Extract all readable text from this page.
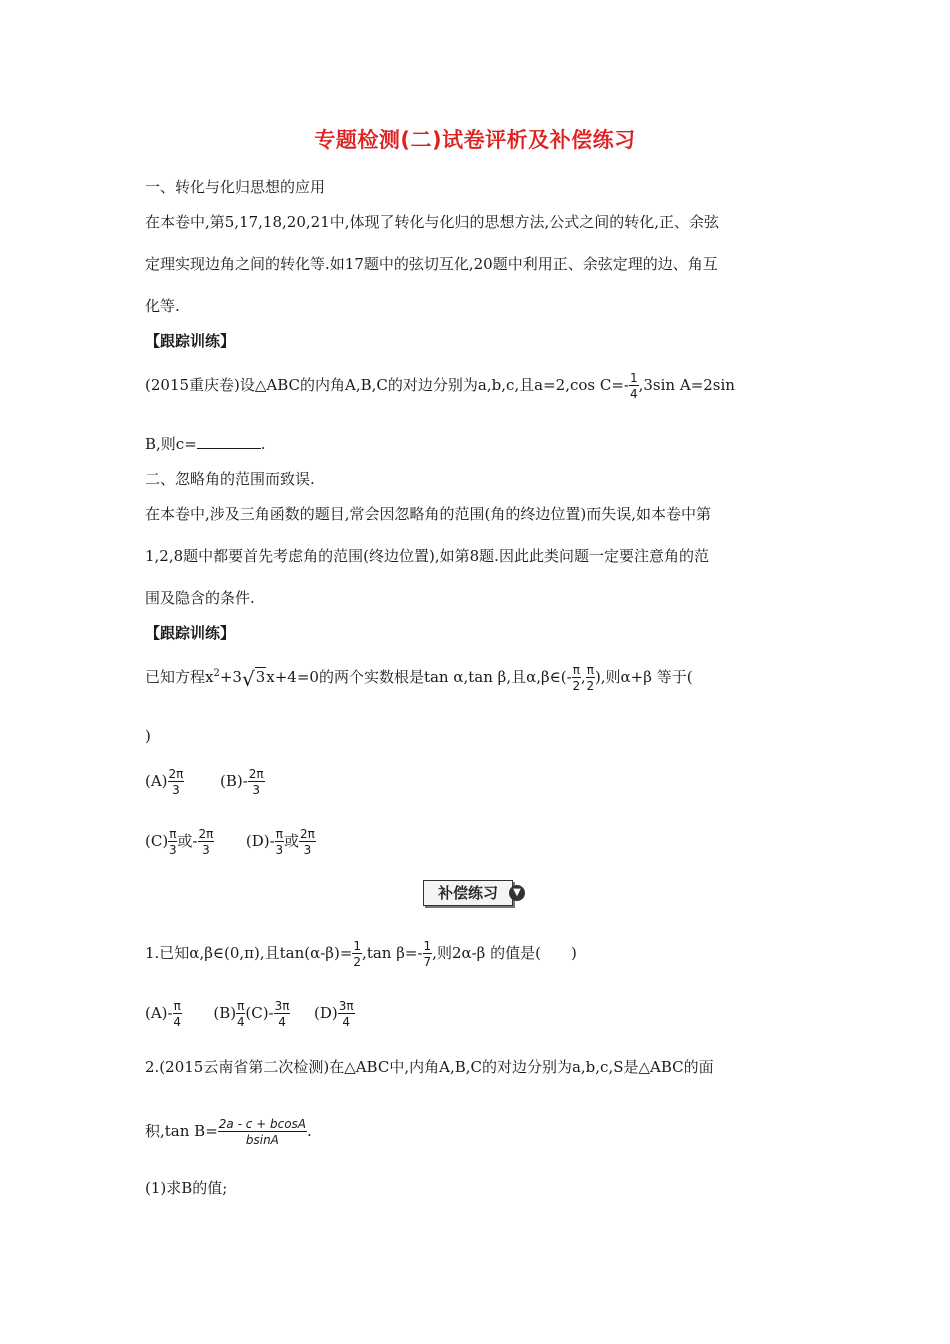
专题检测(二)试卷评析及补偿练习
一、转化与化归思想的应用
在本卷中,第5,17,18,20,21中,体现了转化与化归的思想方法,公式之间的转化,正、余弦
定理实现边角之间的转化等.如17题中的弦切互化,20题中利用正、余弦定理的边、角互
化等.
【跟踪训练】
(2015重庆卷)设△ABC的内角A,B,C的对边分别为a,b,c,且a=2,cos $C=- \frac{1}{4} ,3\sin$ A=2sin
B,则c=	.
二、忽略角的范围而致误.
在本卷中,涉及三角函数的题目,常会因忽略角的范围(角的终边位置)而失误,如本卷中第
1,2,8题中都要首先考虑角的范围(终边位置),如第8题.因此此类问题一定要注意角的范
围及隐含的条件.
【跟踪训练】
已知方程$x^2+3√3x+4=0$的两个实数根是tan α,tan β,且α,β∈(- $\frac{\pi}{2}$ , $\frac{\pi}{2}$ ),则α+β 等于(
)
$(A) \frac{2\pi}{3} (B)- \frac{2\pi}{3}$
$(C) \frac{\pi}{3}$ 或- $\frac{2\pi}{3} (D)- \frac{\pi}{3}$ 或 $\frac{2\pi}{3}$
补偿练习	▼
1.已知α,β∈(0,π),且$\tan(\alpha-\beta)= \frac{1}{2} ,\tan$ $\beta=- \frac{1}{7}$ ,则2α-β 的值是(　　)
$(A)- \frac{\pi}{4} (B) \frac{\pi}{4} (C)- \frac{3\pi}{4} (D) \frac{3\pi}{4}$
2.(2015云南省第二次检测)在△ABC中,内角A,B,C的对边分别为a,b,c,S是△ABC的面
积,tan $B= \frac{2a - c + bcosA}{bsinA}$ .
(1)求B的值;
